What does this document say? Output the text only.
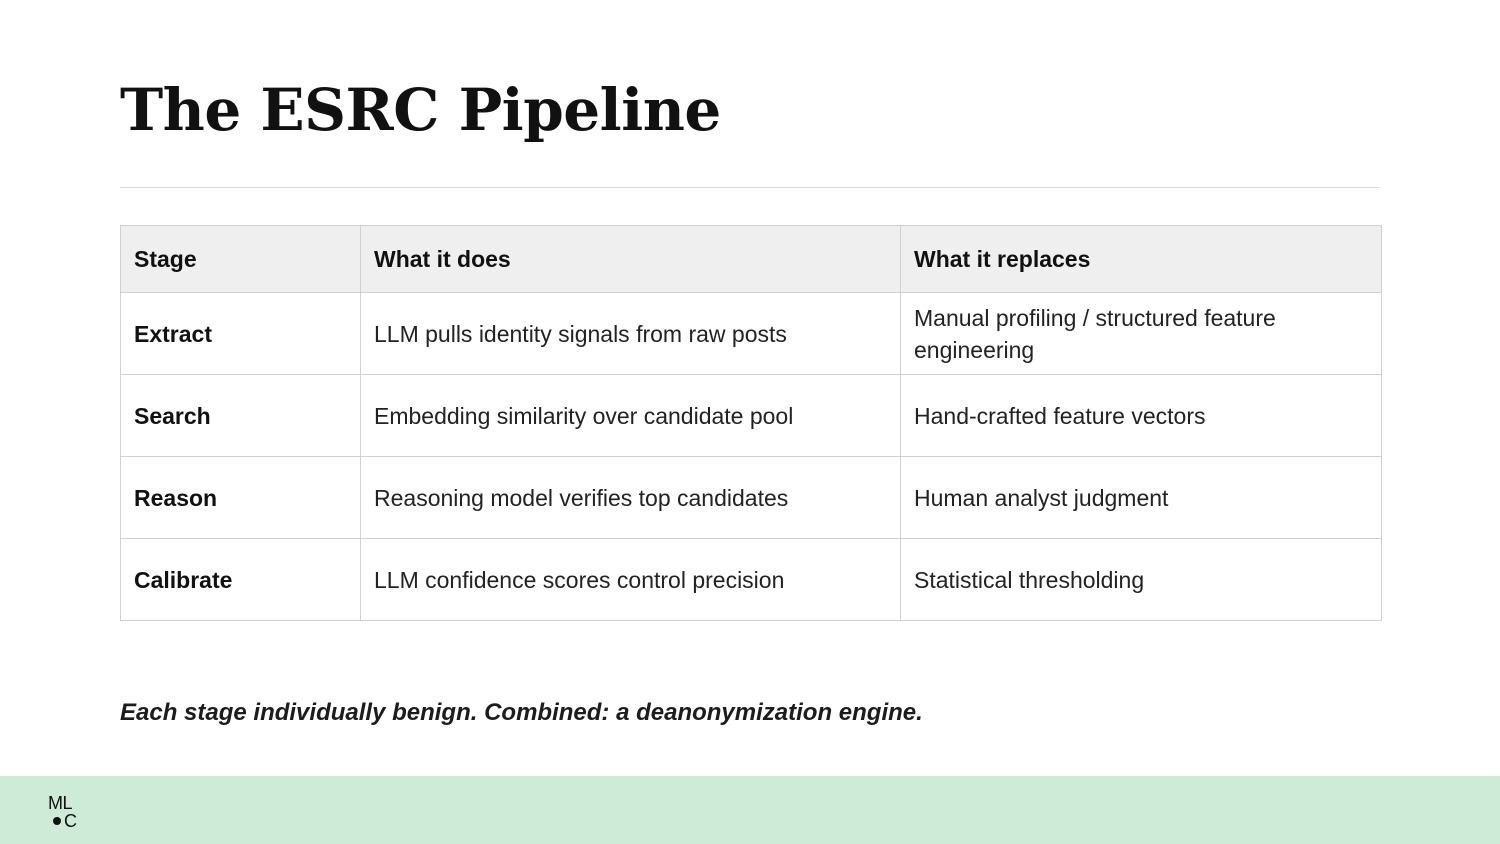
The ESRC Pipeline
Stage	What it does	What it replaces
Extract	LLM pulls identity signals from raw posts	Manual profiling / structured feature engineering
Search	Embedding similarity over candidate pool	Hand-crafted feature vectors
Reason	Reasoning model verifies top candidates	Human analyst judgment
Calibrate	LLM confidence scores control precision	Statistical thresholding

Each stage individually benign. Combined: a deanonymization engine.

ML
C
